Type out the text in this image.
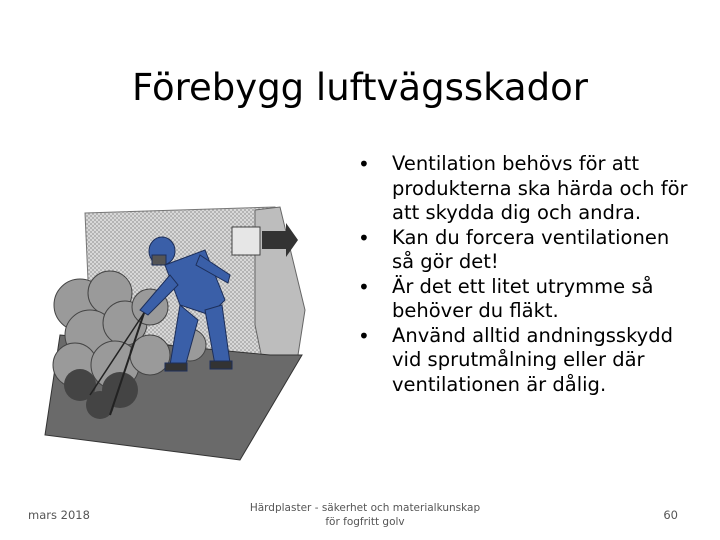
Förebygg luftvägsskador
• Ventilation behövs för att produkterna ska härda och för att skydda dig och andra.
• Kan du forcera ventilationen så gör det!
• Är det ett litet utrymme så behöver du fläkt.
• Använd alltid andningsskydd vid sprutmålning eller där ventilationen är dålig.
mars 2018	Härdplaster - säkerhet och materialkunskap
för fogfritt golv	60
